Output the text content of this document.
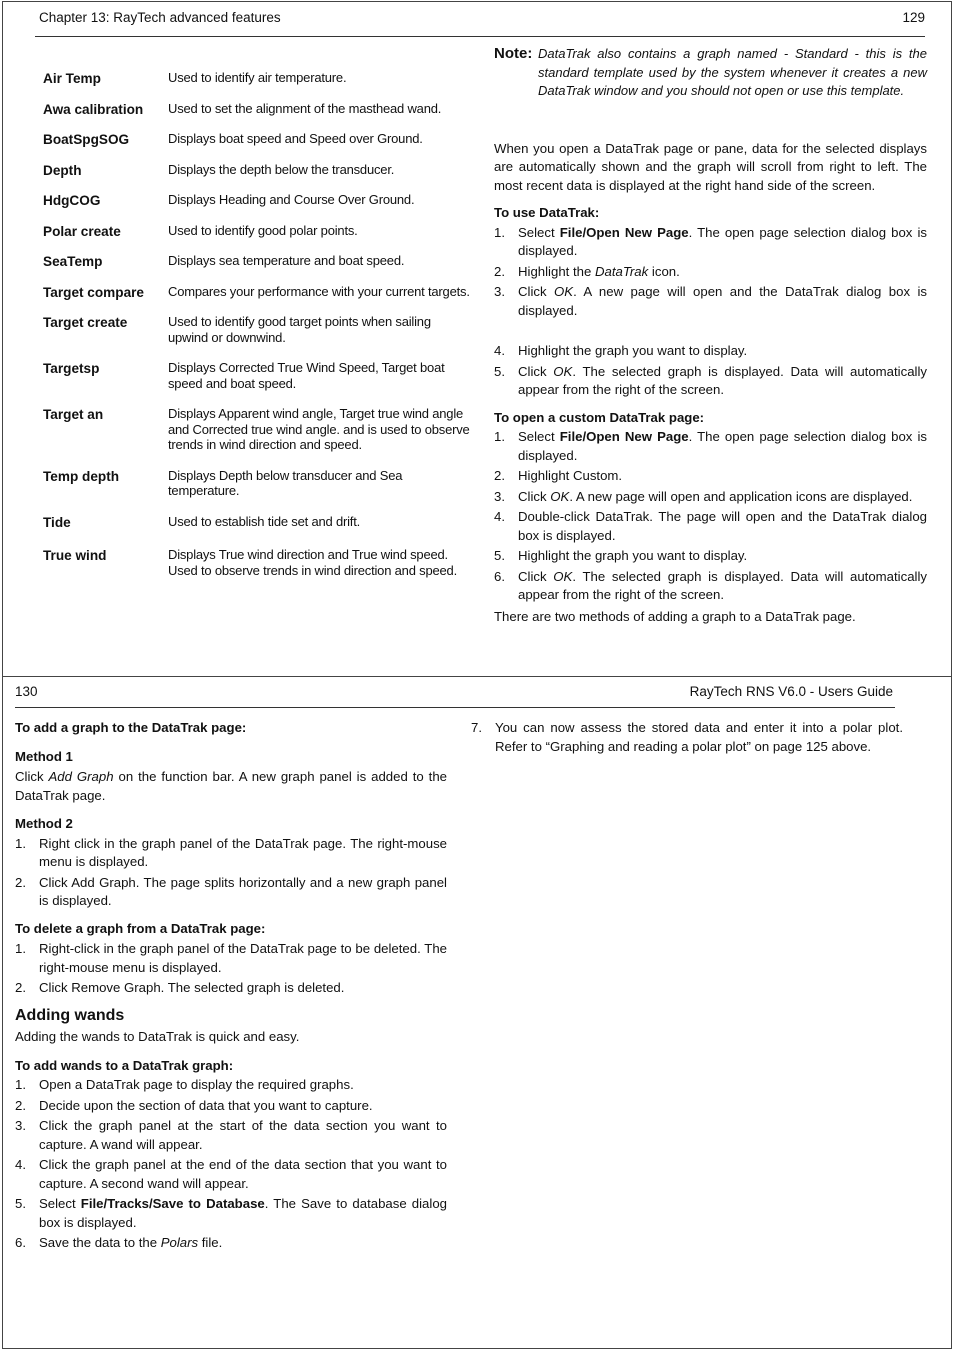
Chapter 13: RayTech advanced features	129
Air Temp	Used to identify air temperature.
Awa calibration	Used to set the alignment of the masthead wand.
BoatSpgSOG	Displays boat speed and Speed over Ground.
Depth	Displays the depth below the transducer.
HdgCOG	Displays Heading and Course Over Ground.
Polar create	Used to identify good polar points.
SeaTemp	Displays sea temperature and boat speed.
Target compare	Compares your performance with your current targets.
Target create	Used to identify good target points when sailing upwind or downwind.
Targetsp	Displays Corrected True Wind Speed, Target boat speed and boat speed.
Target an	Displays Apparent wind angle, Target true wind angle and Corrected true wind angle. and is used to observe trends in wind direction and speed.
Temp depth	Displays Depth below transducer and Sea temperature.
Tide	Used to establish tide set and drift.
True wind	Displays True wind direction and True wind speed. Used to observe trends in wind direction and speed.
Note: DataTrak also contains a graph named - Standard - this is the standard template used by the system whenever it creates a new DataTrak window and you should not open or use this template.

When you open a DataTrak page or pane, data for the selected displays are automatically shown and the graph will scroll from right to left. The most recent data is displayed at the right hand side of the screen.

To use DataTrak:

1. Select File/Open New Page. The open page selection dialog box is displayed.
2. Highlight the DataTrak icon.
3. Click OK. A new page will open and the DataTrak dialog box is displayed.
4. Highlight the graph you want to display.
5. Click OK. The selected graph is displayed. Data will automatically appear from the right of the screen.

To open a custom DataTrak page:

1. Select File/Open New Page. The open page selection dialog box is displayed.
2. Highlight Custom.
3. Click OK. A new page will open and application icons are displayed.
4. Double-click DataTrak. The page will open and the DataTrak dialog box is displayed.
5. Highlight the graph you want to display.
6. Click OK. The selected graph is displayed. Data will automatically appear from the right of the screen.

There are two methods of adding a graph to a DataTrak page.

130	RayTech RNS V6.0 - Users Guide

To add a graph to the DataTrak page:

Method 1

Click Add Graph on the function bar. A new graph panel is added to the DataTrak page.

Method 2

1. Right click in the graph panel of the DataTrak page. The right-mouse menu is displayed.
2. Click Add Graph. The page splits horizontally and a new graph panel is displayed.

To delete a graph from a DataTrak page:

1. Right-click in the graph panel of the DataTrak page to be deleted. The right-mouse menu is displayed.
2. Click Remove Graph. The selected graph is deleted.

Adding wands

Adding the wands to DataTrak is quick and easy.

To add wands to a DataTrak graph:

1. Open a DataTrak page to display the required graphs.
2. Decide upon the section of data that you want to capture.
3. Click the graph panel at the start of the data section you want to capture. A wand will appear.
4. Click the graph panel at the end of the data section that you want to capture. A second wand will appear.
5. Select File/Tracks/Save to Database. The Save to database dialog box is displayed.
6. Save the data to the Polars file.
7. You can now assess the stored data and enter it into a polar plot. Refer to “Graphing and reading a polar plot” on page 125 above.
